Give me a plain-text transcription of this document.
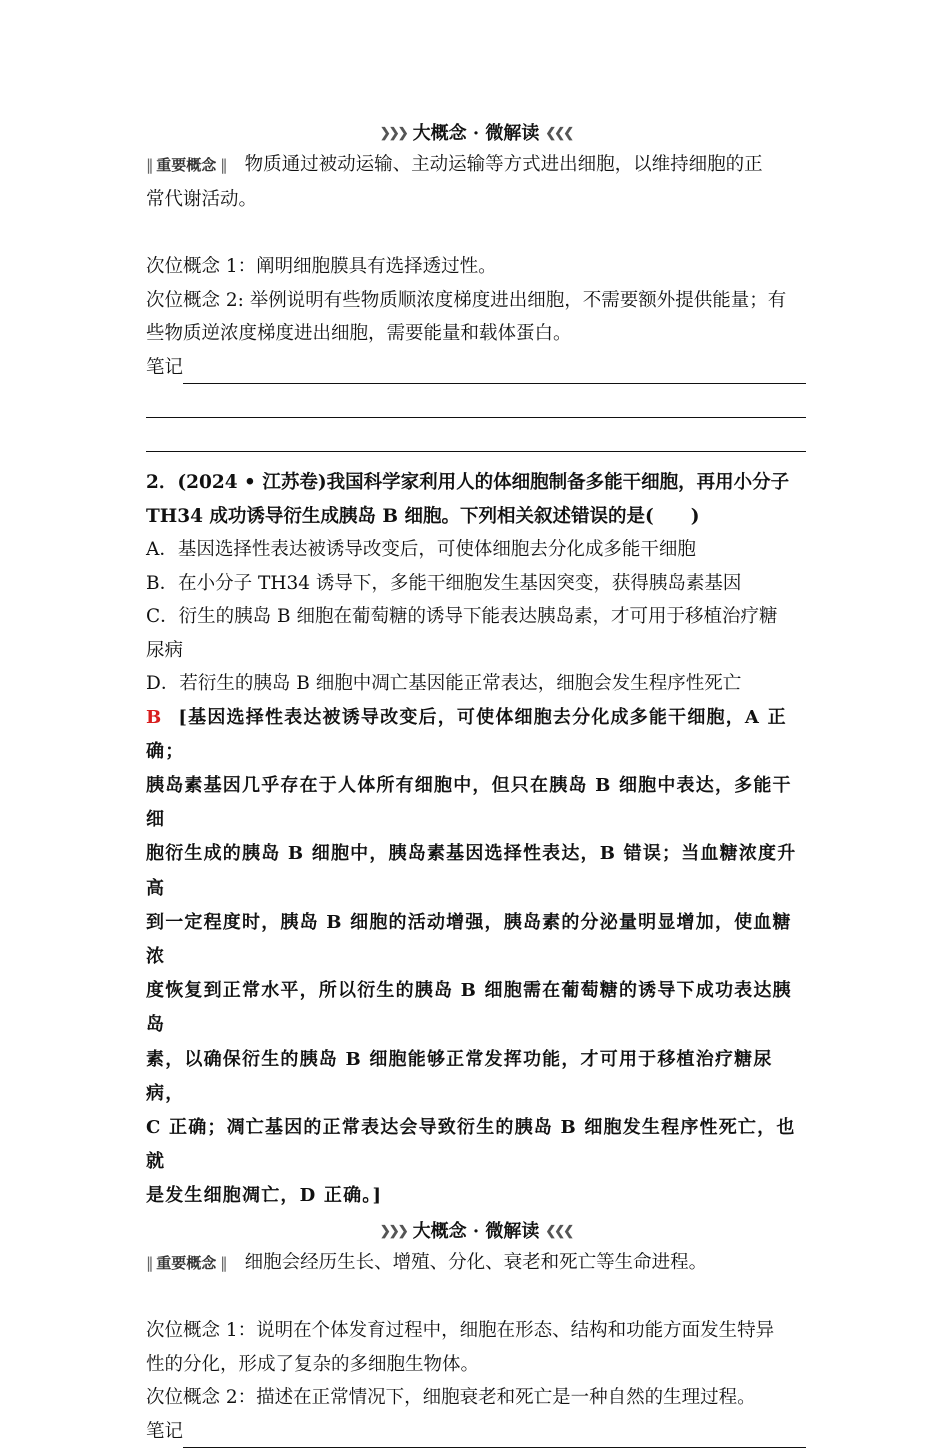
❯❯❯ 大概念 · 微解读 ❮❮❮
‖ 重要概念 ‖ 物质通过被动运输、主动运输等方式进出细胞，以维持细胞的正
常代谢活动。
次位概念 1：阐明细胞膜具有选择透过性。
次位概念 2: 举例说明有些物质顺浓度梯度进出细胞，不需要额外提供能量；有
些物质逆浓度梯度进出细胞，需要能量和载体蛋白。
笔记
2．(2024 • 江苏卷)我国科学家利用人的体细胞制备多能干细胞，再用小分子
TH34 成功诱导衍生成胰岛 B 细胞。下列相关叙述错误的是(　　)
A．基因选择性表达被诱导改变后，可使体细胞去分化成多能干细胞
B．在小分子 TH34 诱导下，多能干细胞发生基因突变，获得胰岛素基因
C．衍生的胰岛 B 细胞在葡萄糖的诱导下能表达胰岛素，才可用于移植治疗糖
尿病
D．若衍生的胰岛 B 细胞中凋亡基因能正常表达，细胞会发生程序性死亡
B [基因选择性表达被诱导改变后，可使体细胞去分化成多能干细胞，A 正确；
胰岛素基因几乎存在于人体所有细胞中，但只在胰岛 B 细胞中表达，多能干细
胞衍生成的胰岛 B 细胞中，胰岛素基因选择性表达，B 错误；当血糖浓度升高
到一定程度时，胰岛 B 细胞的活动增强，胰岛素的分泌量明显增加，使血糖浓
度恢复到正常水平，所以衍生的胰岛 B 细胞需在葡萄糖的诱导下成功表达胰岛
素，以确保衍生的胰岛 B 细胞能够正常发挥功能，才可用于移植治疗糖尿病，
C 正确；凋亡基因的正常表达会导致衍生的胰岛 B 细胞发生程序性死亡，也就
是发生细胞凋亡，D 正确。]
❯❯❯ 大概念 · 微解读 ❮❮❮
‖ 重要概念 ‖ 细胞会经历生长、增殖、分化、衰老和死亡等生命进程。
次位概念 1：说明在个体发育过程中，细胞在形态、结构和功能方面发生特异
性的分化，形成了复杂的多细胞生物体。
次位概念 2：描述在正常情况下，细胞衰老和死亡是一种自然的生理过程。
笔记
